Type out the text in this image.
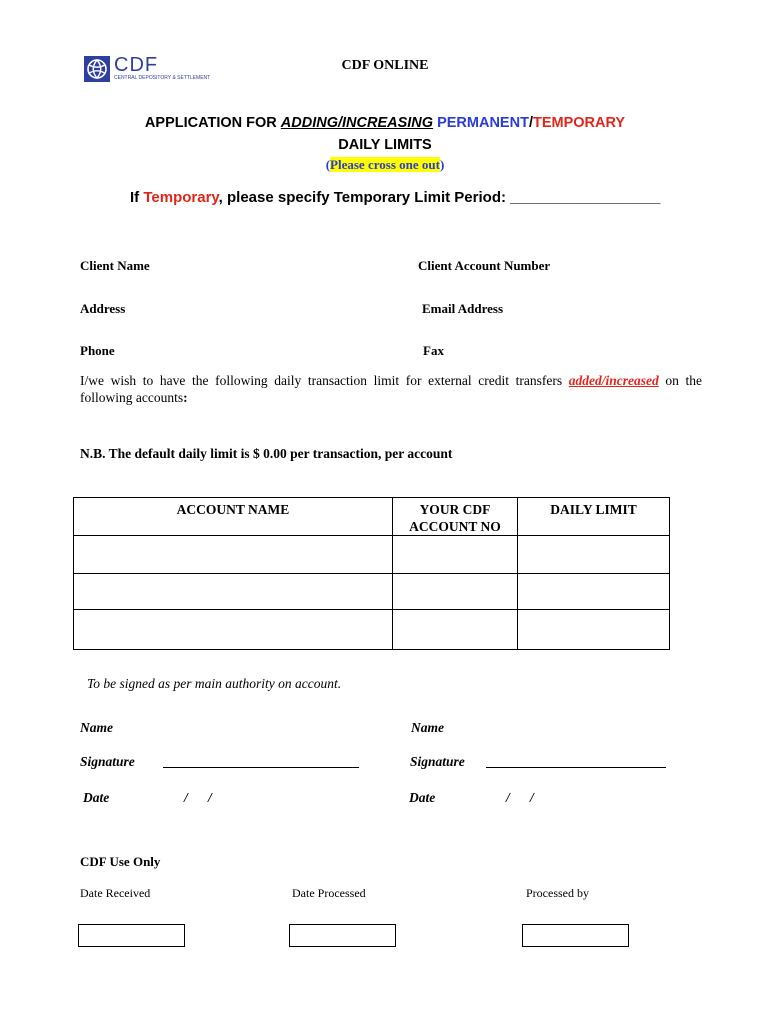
CDF
CENTRAL DEPOSITORY & SETTLEMENT
CDF ONLINE
APPLICATION FOR ADDING/INCREASING PERMANENT/TEMPORARY
DAILY LIMITS
(Please cross one out)
If Temporary, please specify Temporary Limit Period: __________________
Client Name	Client Account Number
Address	Email Address
Phone	Fax
I/we wish to have the following daily transaction limit for external credit transfers added/increased on the following accounts:
N.B. The default daily limit is $ 0.00 per transaction, per account
ACCOUNT NAME	YOUR CDF ACCOUNT NO	DAILY LIMIT

To be signed as per main authority on account.
Name	Name
Signature	Signature
Date	/      /	Date	/      /
CDF Use Only
Date Received	Date Processed	Processed by
